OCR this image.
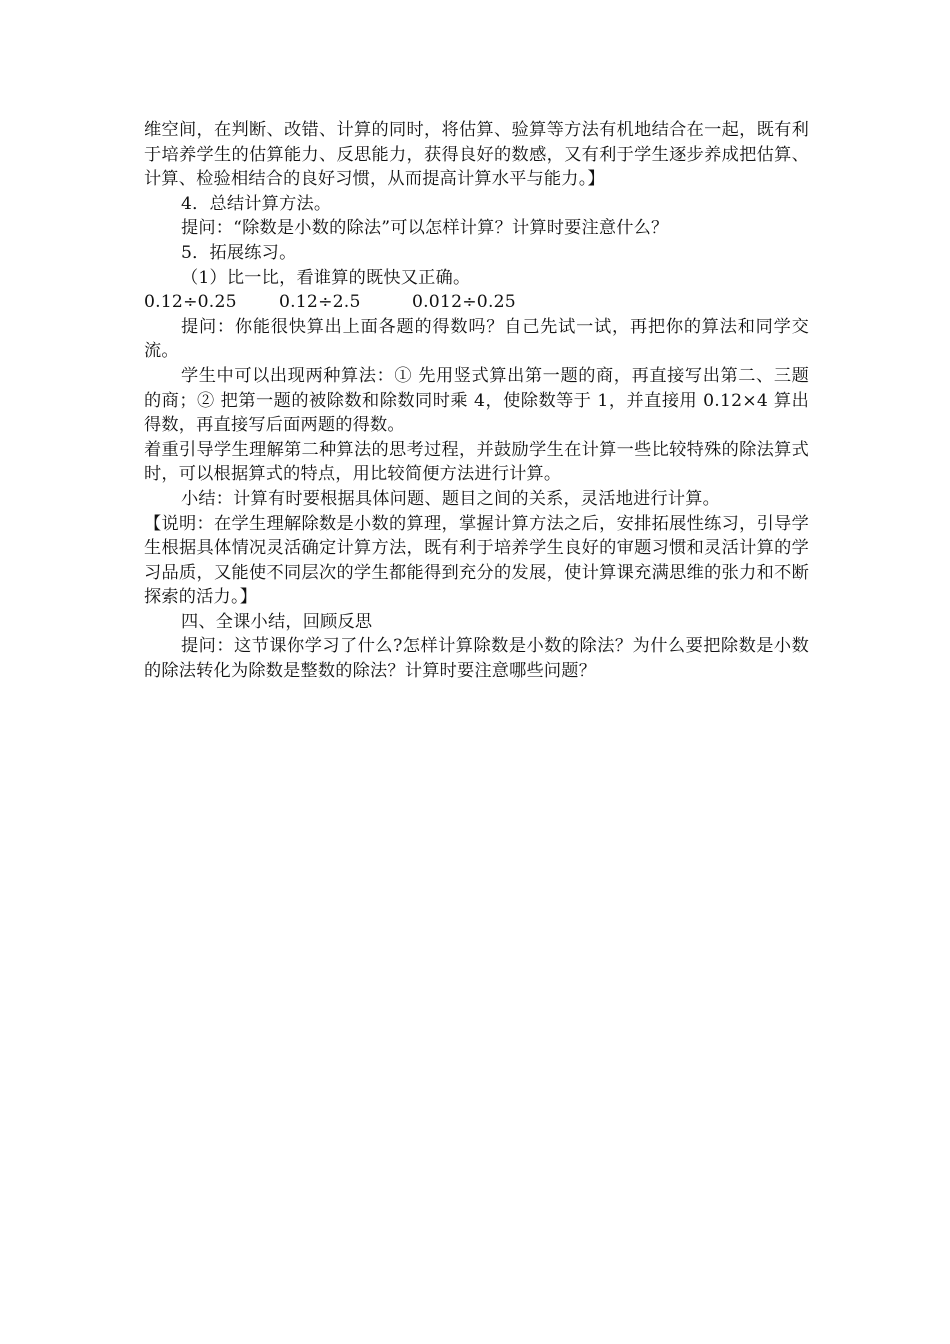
维空间，在判断、改错、计算的同时，将估算、验算等方法有机地结合在一起，既有利于培养学生的估算能力、反思能力，获得良好的数感，又有利于学生逐步养成把估算、计算、检验相结合的良好习惯，从而提高计算水平与能力。】

4．总结计算方法。

提问：“除数是小数的除法”可以怎样计算？计算时要注意什么？

5．拓展练习。

（1）比一比，看谁算的既快又正确。

0.12÷0.25 0.12÷2.5	0.012÷0.25

提问：你能很快算出上面各题的得数吗？自己先试一试，再把你的算法和同学交流。

学生中可以出现两种算法：① 先用竖式算出第一题的商，再直接写出第二、三题的商；② 把第一题的被除数和除数同时乘 4，使除数等于 1，并直接用 0.12×4 算出得数，再直接写后面两题的得数。

着重引导学生理解第二种算法的思考过程，并鼓励学生在计算一些比较特殊的除法算式时，可以根据算式的特点，用比较简便方法进行计算。

小结：计算有时要根据具体问题、题目之间的关系，灵活地进行计算。

【说明：在学生理解除数是小数的算理，掌握计算方法之后，安排拓展性练习，引导学生根据具体情况灵活确定计算方法，既有利于培养学生良好的审题习惯和灵活计算的学习品质，又能使不同层次的学生都能得到充分的发展，使计算课充满思维的张力和不断探索的活力。】

四、全课小结，回顾反思

提问：这节课你学习了什么?怎样计算除数是小数的除法？为什么要把除数是小数的除法转化为除数是整数的除法？计算时要注意哪些问题？
